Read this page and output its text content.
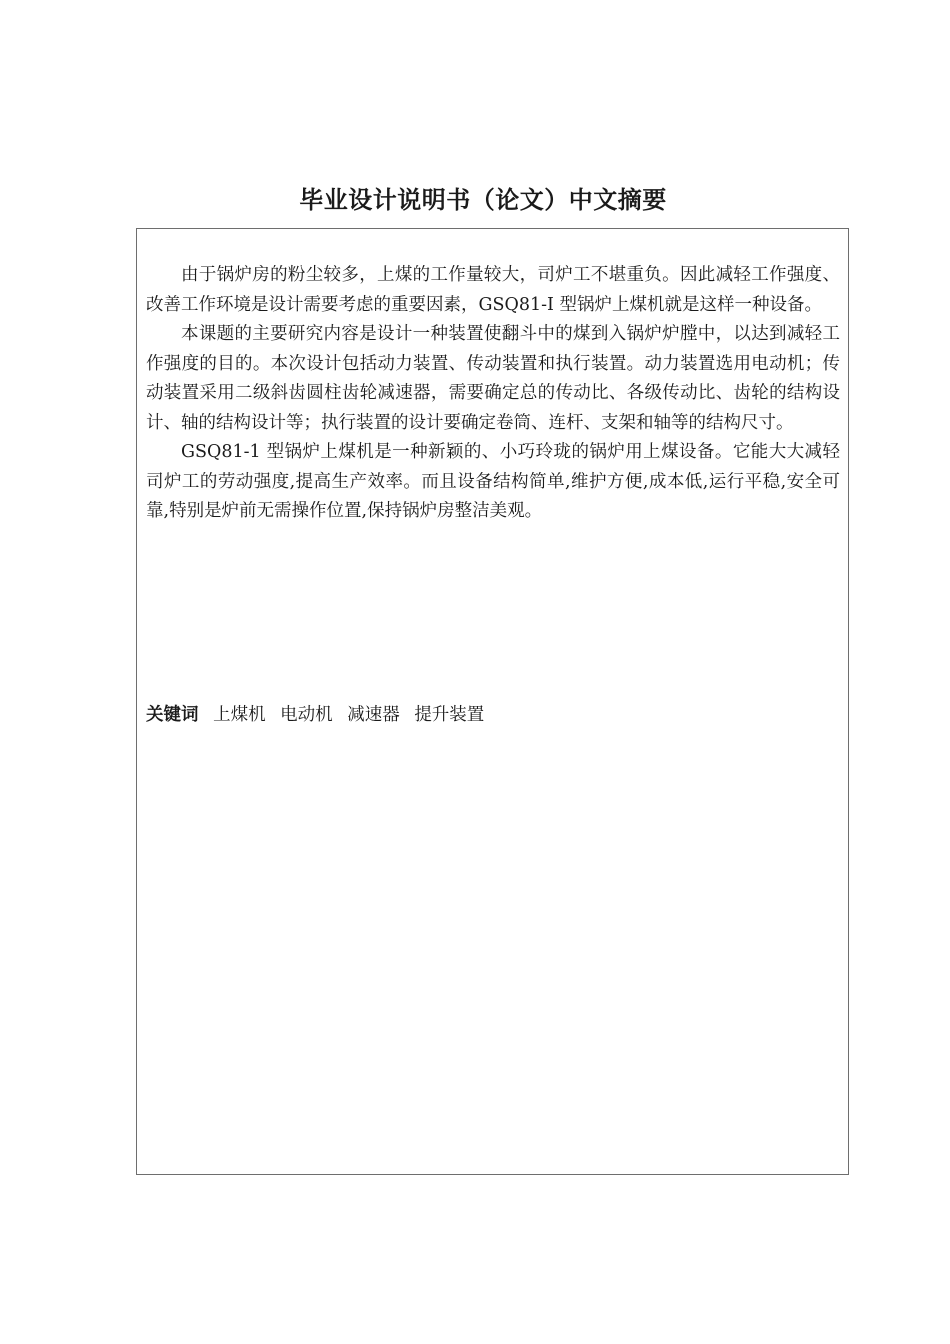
毕业设计说明书（论文）中文摘要

由于锅炉房的粉尘较多，上煤的工作量较大，司炉工不堪重负。因此减轻工作强度、改善工作环境是设计需要考虑的重要因素，GSQ81-I 型锅炉上煤机就是这样一种设备。

本课题的主要研究内容是设计一种装置使翻斗中的煤到入锅炉炉膛中，以达到减轻工作强度的目的。本次设计包括动力装置、传动装置和执行装置。动力装置选用电动机；传动装置采用二级斜齿圆柱齿轮减速器，需要确定总的传动比、各级传动比、齿轮的结构设计、轴的结构设计等；执行装置的设计要确定卷筒、连杆、支架和轴等的结构尺寸。

GSQ81-1 型锅炉上煤机是一种新颖的、小巧玲珑的锅炉用上煤设备。它能大大减轻司炉工的劳动强度,提高生产效率。而且设备结构简单,维护方便,成本低,运行平稳,安全可靠,特别是炉前无需操作位置,保持锅炉房整洁美观。

关键词 上煤机 电动机 减速器 提升装置
